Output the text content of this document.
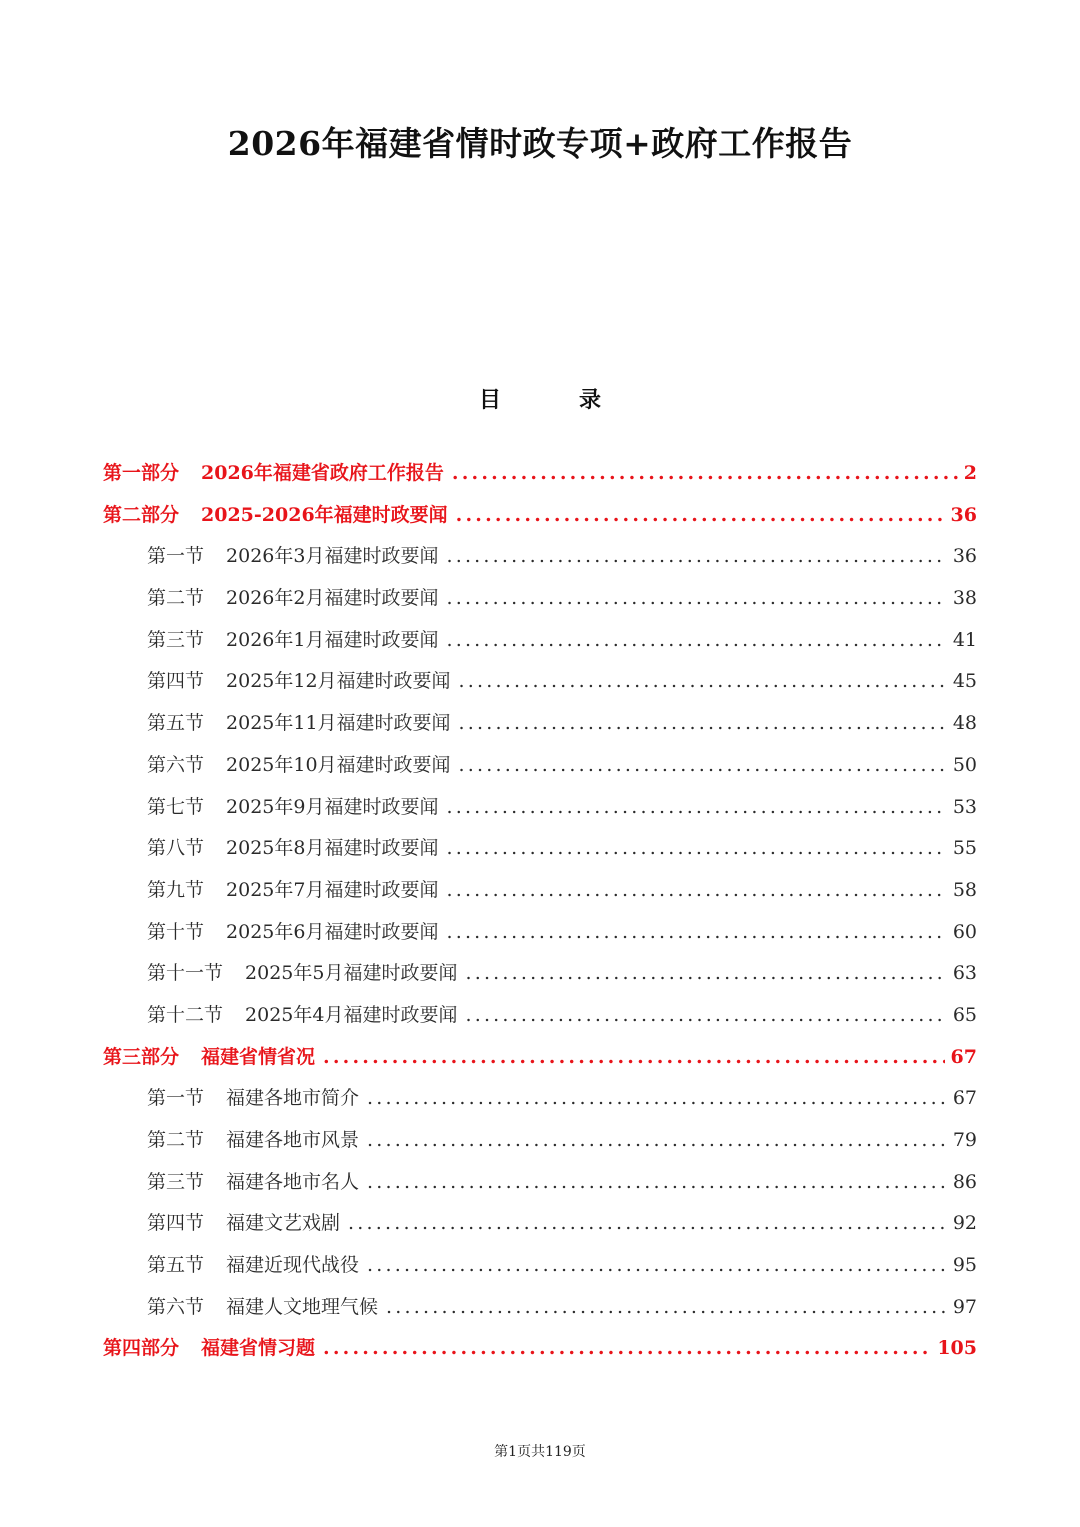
2026年福建省情时政专项+政府工作报告
目　录
第一部分 2026年福建省政府工作报告 .....	2
第二部分 2025-2026年福建时政要闻 .....	36
第一节 2026年3月福建时政要闻 .....	36
第二节 2026年2月福建时政要闻 .....	38
第三节 2026年1月福建时政要闻 .....	41
第四节 2025年12月福建时政要闻 .....	45
第五节 2025年11月福建时政要闻 .....	48
第六节 2025年10月福建时政要闻 .....	50
第七节 2025年9月福建时政要闻 .....	53
第八节 2025年8月福建时政要闻 .....	55
第九节 2025年7月福建时政要闻 .....	58
第十节 2025年6月福建时政要闻 .....	60
第十一节 2025年5月福建时政要闻 .....	63
第十二节 2025年4月福建时政要闻 .....	65
第三部分 福建省情省况 .....	67
第一节 福建各地市简介 .....	67
第二节 福建各地市风景 .....	79
第三节 福建各地市名人 .....	86
第四节 福建文艺戏剧 .....	92
第五节 福建近现代战役 .....	95
第六节 福建人文地理气候 .....	97
第四部分 福建省情习题 .....	105
第1页共119页
